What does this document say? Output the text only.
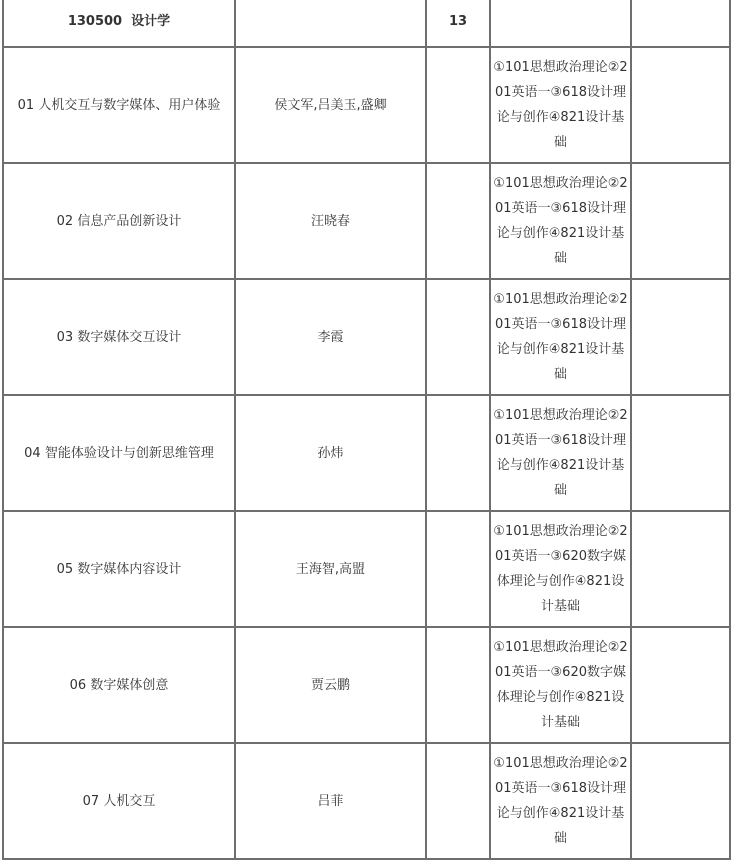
130500 设计学		13		
01 人机交互与数字媒体、用户体验	侯文军,吕美玉,盛卿		①101思想政治理论②201英语一③618设计理论与创作④821设计基础	

02 信息产品创新设计	汪晓春		①101思想政治理论②201英语一③618设计理论与创作④821设计基础	

03 数字媒体交互设计	李霞		①101思想政治理论②201英语一③618设计理论与创作④821设计基础	

04 智能体验设计与创新思维管理	孙炜		①101思想政治理论②201英语一③618设计理论与创作④821设计基础	

05 数字媒体内容设计	王海智,高盟		①101思想政治理论②201英语一③620数字媒体理论与创作④821设计基础	

06 数字媒体创意	贾云鹏		①101思想政治理论②201英语一③620数字媒体理论与创作④821设计基础	

07 人机交互	吕菲		①101思想政治理论②201英语一③618设计理论与创作④821设计基础	
